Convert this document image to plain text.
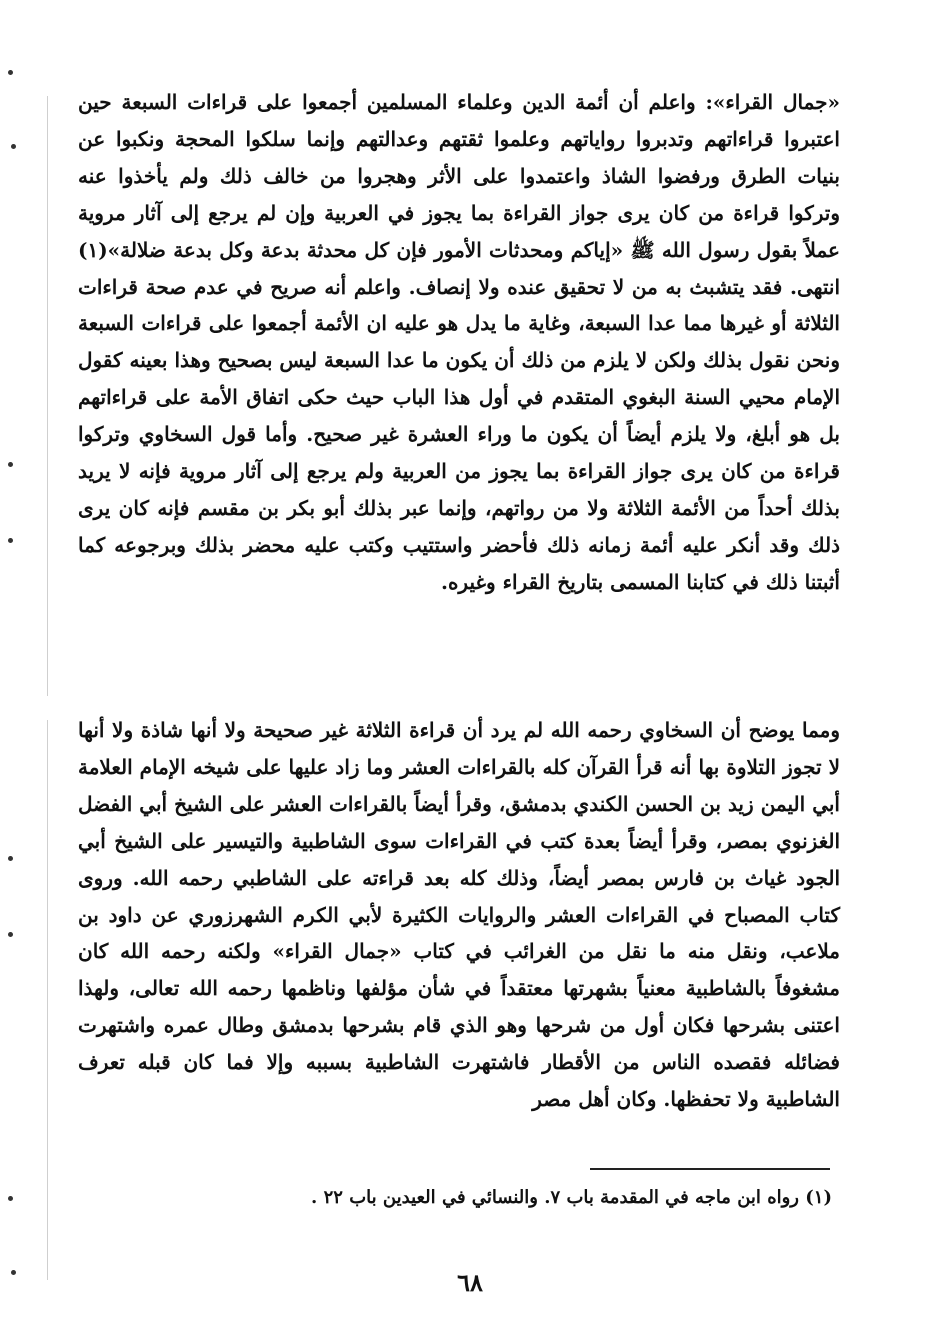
«جمال القراء»: واعلم أن أئمة الدين وعلماء المسلمين أجمعوا على قراءات السبعة حين اعتبروا قراءاتهم وتدبروا رواياتهم وعلموا ثقتهم وعدالتهم وإنما سلكوا المحجة ونكبوا عن بنيات الطرق ورفضوا الشاذ واعتمدوا على الأثر وهجروا من خالف ذلك ولم يأخذوا عنه وتركوا قراءة من كان يرى جواز القراءة بما يجوز في العربية وإن لم يرجع إلى آثار مروية عملاً بقول رسول الله ﷺ «إياكم ومحدثات الأمور فإن كل محدثة بدعة وكل بدعة ضلالة»(١) انتهى. فقد يتشبث به من لا تحقيق عنده ولا إنصاف. واعلم أنه صريح في عدم صحة قراءات الثلاثة أو غيرها مما عدا السبعة، وغاية ما يدل هو عليه ان الأئمة أجمعوا على قراءات السبعة ونحن نقول بذلك ولكن لا يلزم من ذلك أن يكون ما عدا السبعة ليس بصحيح وهذا بعينه كقول الإمام محيي السنة البغوي المتقدم في أول هذا الباب حيث حكى اتفاق الأمة على قراءاتهم بل هو أبلغ، ولا يلزم أيضاً أن يكون ما وراء العشرة غير صحيح. وأما قول السخاوي وتركوا قراءة من كان يرى جواز القراءة بما يجوز من العربية ولم يرجع إلى آثار مروية فإنه لا يريد بذلك أحداً من الأئمة الثلاثة ولا من رواتهم، وإنما عبر بذلك أبو بكر بن مقسم فإنه كان يرى ذلك وقد أنكر عليه أئمة زمانه ذلك فأحضر واستتيب وكتب عليه محضر بذلك وبرجوعه كما أثبتنا ذلك في كتابنا المسمى بتاريخ القراء وغيره.
ومما يوضح أن السخاوي رحمه الله لم يرد أن قراءة الثلاثة غير صحيحة ولا أنها شاذة ولا أنها لا تجوز التلاوة بها أنه قرأ القرآن كله بالقراءات العشر وما زاد عليها على شيخه الإمام العلامة أبي اليمن زيد بن الحسن الكندي بدمشق، وقرأ أيضاً بالقراءات العشر على الشيخ أبي الفضل الغزنوي بمصر، وقرأ أيضاً بعدة كتب في القراءات سوى الشاطبية والتيسير على الشيخ أبي الجود غياث بن فارس بمصر أيضاً، وذلك كله بعد قراءته على الشاطبي رحمه الله. وروى كتاب المصباح في القراءات العشر والروايات الكثيرة لأبي الكرم الشهرزوري عن داود بن ملاعب، ونقل منه ما نقل من الغرائب في كتاب «جمال القراء» ولكنه رحمه الله كان مشغوفاً بالشاطبية معنياً بشهرتها معتقداً في شأن مؤلفها وناظمها رحمه الله تعالى، ولهذا اعتنى بشرحها فكان أول من شرحها وهو الذي قام بشرحها بدمشق وطال عمره واشتهرت فضائله فقصده الناس من الأقطار فاشتهرت الشاطبية بسببه وإلا فما كان قبله تعرف الشاطبية ولا تحفظها. وكان أهل مصر
(١) رواه ابن ماجه في المقدمة باب ٧. والنسائي في العيدين باب ٢٢ .
٦٨
